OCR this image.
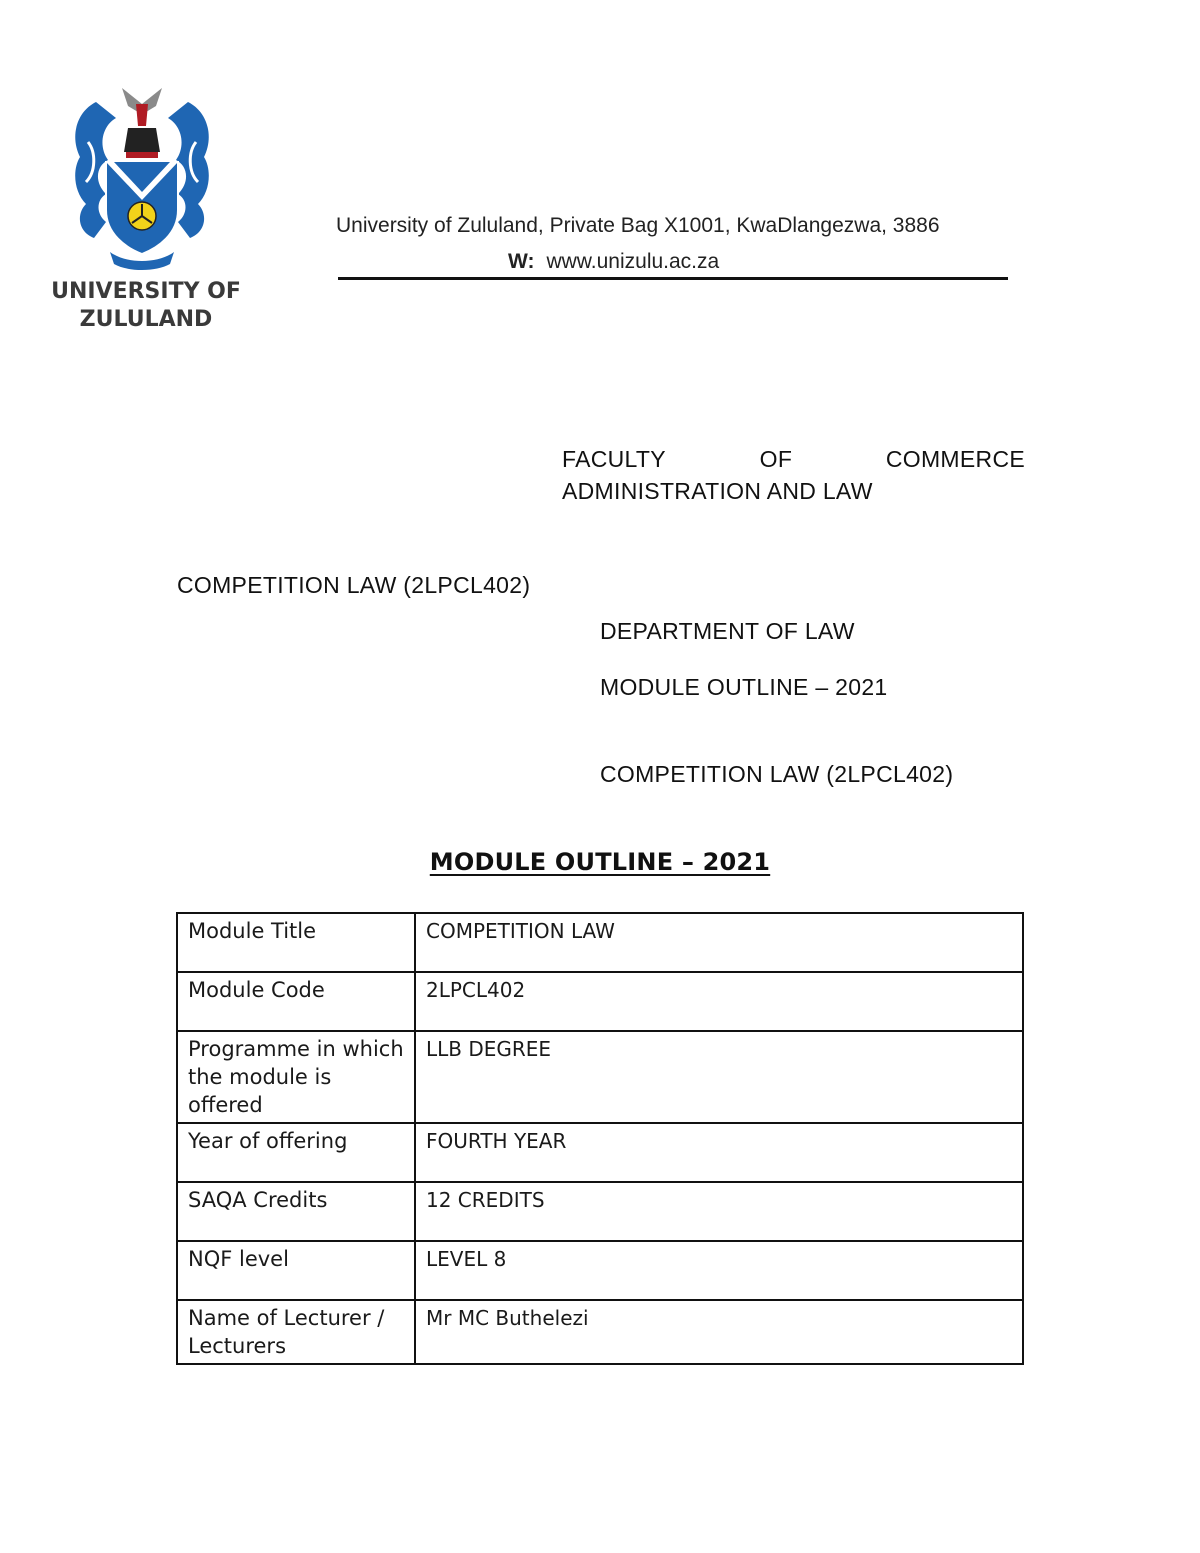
UNIVERSITY OF
ZULULAND
University of Zululand, Private Bag X1001, KwaDlangezwa, 3886
W: www.unizulu.ac.za
FACULTY	OF	COMMERCE
ADMINISTRATION AND LAW
COMPETITION LAW (2LPCL402)
DEPARTMENT OF LAW
MODULE OUTLINE – 2021
COMPETITION LAW (2LPCL402)
MODULE OUTLINE – 2021
Module Title	COMPETITION LAW
Module Code	2LPCL402
Programme in which the module is offered	LLB DEGREE
Year of offering	FOURTH YEAR
SAQA Credits	12 CREDITS
NQF level	LEVEL 8
Name of Lecturer / Lecturers	Mr MC Buthelezi
